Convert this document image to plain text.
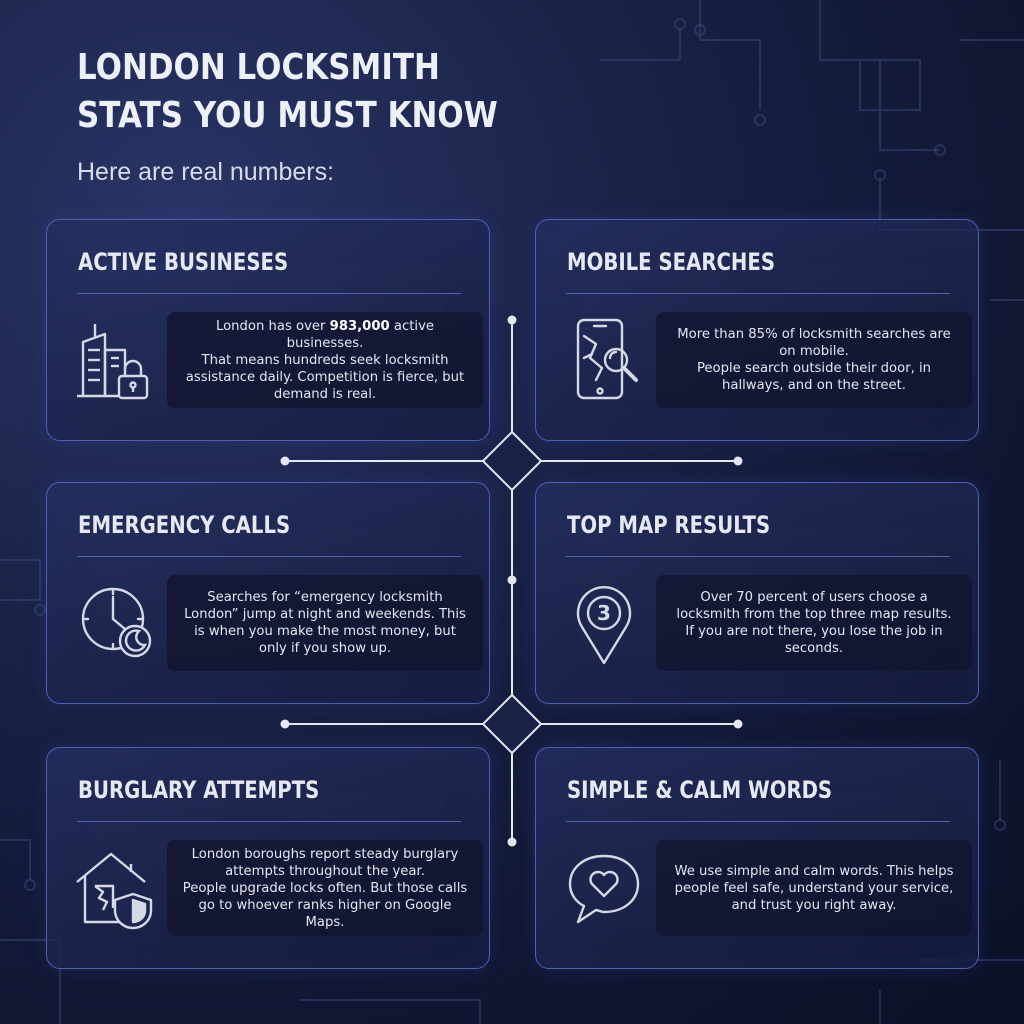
LONDON LOCKSMITH
STATS YOU MUST KNOW
Here are real numbers:
ACTIVE BUSINESES
London has over 983,000 active businesses.
That means hundreds seek locksmith assistance daily. Competition is fierce, but demand is real.
MOBILE SEARCHES
More than 85% of locksmith searches are on mobile.
People search outside their door, in hallways, and on the street.
EMERGENCY CALLS
Searches for “emergency locksmith London” jump at night and weekends. This is when you make the most money, but only if you show up.
TOP MAP RESULTS
3
Over 70 percent of users choose a locksmith from the top three map results.
If you are not there, you lose the job in seconds.
BURGLARY ATTEMPTS
London boroughs report steady burglary attempts throughout the year.
People upgrade locks often. But those calls go to whoever ranks higher on Google Maps.
SIMPLE & CALM WORDS
We use simple and calm words. This helps people feel safe, understand your service, and trust you right away.
